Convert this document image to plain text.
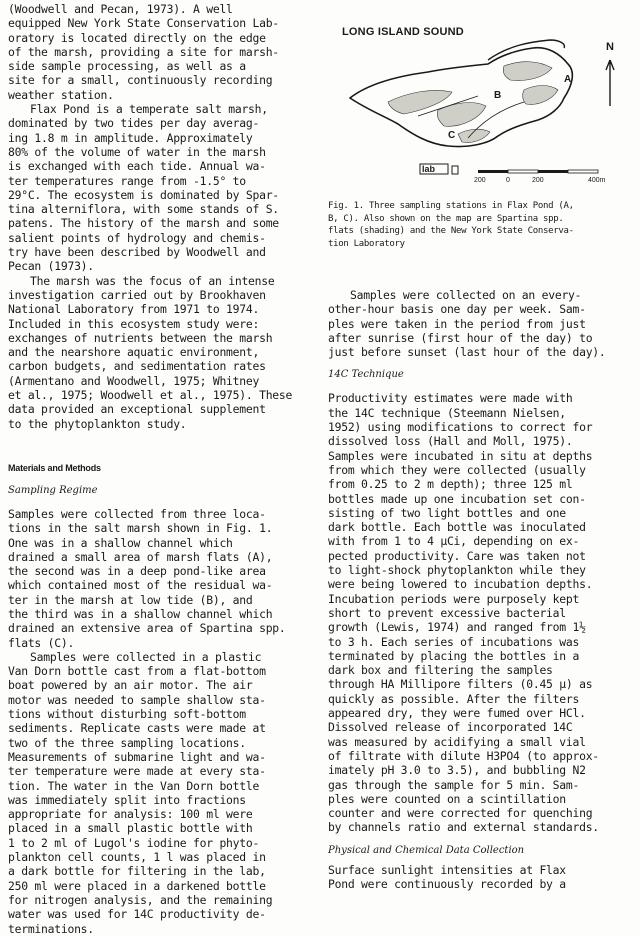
(Woodwell and Pecan, 1973). A well
equipped New York State Conservation Lab-
oratory is located directly on the edge
of the marsh, providing a site for marsh-
side sample processing, as well as a
site for a small, continuously recording
weather station.
Flax Pond is a temperate salt marsh,
dominated by two tides per day averag-
ing 1.8 m in amplitude. Approximately
80% of the volume of water in the marsh
is exchanged with each tide. Annual wa-
ter temperatures range from -1.5° to
29°C. The ecosystem is dominated by Spar-
tina alterniflora, with some stands of S.
patens. The history of the marsh and some
salient points of hydrology and chemis-
try have been described by Woodwell and
Pecan (1973).
The marsh was the focus of an intense
investigation carried out by Brookhaven
National Laboratory from 1971 to 1974.
Included in this ecosystem study were:
exchanges of nutrients between the marsh
and the nearshore aquatic environment,
carbon budgets, and sedimentation rates
(Armentano and Woodwell, 1975; Whitney
et al., 1975; Woodwell et al., 1975). These
data provided an exceptional supplement
to the phytoplankton study.
Materials and Methods
Sampling Regime
Samples were collected from three loca-
tions in the salt marsh shown in Fig. 1.
One was in a shallow channel which
drained a small area of marsh flats (A),
the second was in a deep pond-like area
which contained most of the residual wa-
ter in the marsh at low tide (B), and
the third was in a shallow channel which
drained an extensive area of Spartina spp.
flats (C).
Samples were collected in a plastic
Van Dorn bottle cast from a flat-bottom
boat powered by an air motor. The air
motor was needed to sample shallow sta-
tions without disturbing soft-bottom
sediments. Replicate casts were made at
two of the three sampling locations.
Measurements of submarine light and wa-
ter temperature were made at every sta-
tion. The water in the Van Dorn bottle
was immediately split into fractions
appropriate for analysis: 100 ml were
placed in a small plastic bottle with
1 to 2 ml of Lugol's iodine for phyto-
plankton cell counts, 1 l was placed in
a dark bottle for filtering in the lab,
250 ml were placed in a darkened bottle
for nitrogen analysis, and the remaining
water was used for 14C productivity de-
terminations.
A
B
C
lab
N
200	0	200	400m
LONG ISLAND SOUND
Fig. 1. Three sampling stations in Flax Pond (A,
B, C). Also shown on the map are Spartina spp.
flats (shading) and the New York State Conserva-
tion Laboratory
Samples were collected on an every-
other-hour basis one day per week. Sam-
ples were taken in the period from just
after sunrise (first hour of the day) to
just before sunset (last hour of the day).
14C Technique
Productivity estimates were made with
the 14C technique (Steemann Nielsen,
1952) using modifications to correct for
dissolved loss (Hall and Moll, 1975).
Samples were incubated in situ at depths
from which they were collected (usually
from 0.25 to 2 m depth); three 125 ml
bottles made up one incubation set con-
sisting of two light bottles and one
dark bottle. Each bottle was inoculated
with from 1 to 4 µCi, depending on ex-
pected productivity. Care was taken not
to light-shock phytoplankton while they
were being lowered to incubation depths.
Incubation periods were purposely kept
short to prevent excessive bacterial
growth (Lewis, 1974) and ranged from 1½
to 3 h. Each series of incubations was
terminated by placing the bottles in a
dark box and filtering the samples
through HA Millipore filters (0.45 µ) as
quickly as possible. After the filters
appeared dry, they were fumed over HCl.
Dissolved release of incorporated 14C
was measured by acidifying a small vial
of filtrate with dilute H3PO4 (to approx-
imately pH 3.0 to 3.5), and bubbling N2
gas through the sample for 5 min. Sam-
ples were counted on a scintillation
counter and were corrected for quenching
by channels ratio and external standards.
Physical and Chemical Data Collection
Surface sunlight intensities at Flax
Pond were continuously recorded by a
